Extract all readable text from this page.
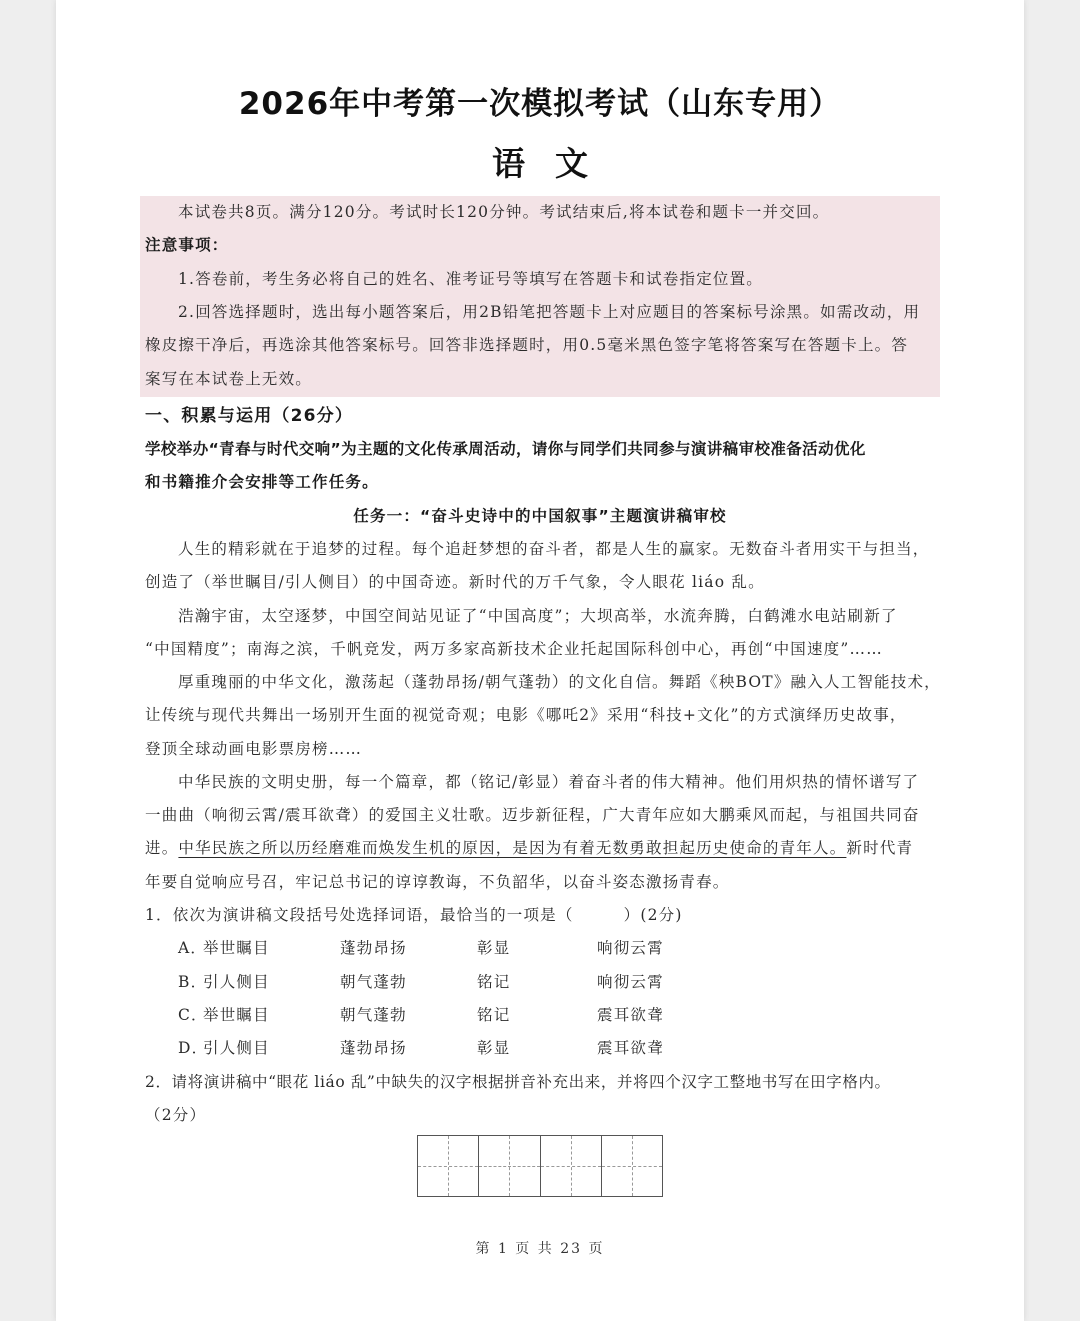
2026年中考第一次模拟考试（山东专用）
语文
本试卷共8页。满分120分。考试时长120分钟。考试结束后,将本试卷和题卡一并交回。
注意事项：
1.答卷前，考生务必将自己的姓名、准考证号等填写在答题卡和试卷指定位置。
2.回答选择题时，选出每小题答案后，用2B铅笔把答题卡上对应题目的答案标号涂黑。如需改动，用
橡皮擦干净后，再选涂其他答案标号。回答非选择题时，用0.5毫米黑色签字笔将答案写在答题卡上。答
案写在本试卷上无效。
一、积累与运用（26分）
学校举办“青春与时代交响”为主题的文化传承周活动，请你与同学们共同参与演讲稿审校准备活动优化
和书籍推介会安排等工作任务。
任务一：“奋斗史诗中的中国叙事”主题演讲稿审校
人生的精彩就在于追梦的过程。每个追赶梦想的奋斗者，都是人生的赢家。无数奋斗者用实干与担当，
创造了（举世瞩目/引人侧目）的中国奇迹。新时代的万千气象，令人眼花 liáo 乱。
浩瀚宇宙，太空逐梦，中国空间站见证了“中国高度”；大坝高举，水流奔腾，白鹤滩水电站刷新了
“中国精度”；南海之滨，千帆竞发，两万多家高新技术企业托起国际科创中心，再创“中国速度”……
厚重瑰丽的中华文化，激荡起（蓬勃昂扬/朝气蓬勃）的文化自信。舞蹈《秧BOT》融入人工智能技术，
让传统与现代共舞出一场别开生面的视觉奇观；电影《哪吒2》采用“科技+文化”的方式演绎历史故事，
登顶全球动画电影票房榜……
中华民族的文明史册，每一个篇章，都（铭记/彰显）着奋斗者的伟大精神。他们用炽热的情怀谱写了
一曲曲（响彻云霄/震耳欲聋）的爱国主义壮歌。迈步新征程，广大青年应如大鹏乘风而起，与祖国共同奋
进。中华民族之所以历经磨难而焕发生机的原因，是因为有着无数勇敢担起历史使命的青年人。新时代青
年要自觉响应号召，牢记总书记的谆谆教诲，不负韶华，以奋斗姿态激扬青春。
1．依次为演讲稿文段括号处选择词语，最恰当的一项是（　　　）(2分)
A．
举世瞩目	蓬勃昂扬	彰显	响彻云霄
B．
引人侧目	朝气蓬勃	铭记	响彻云霄
C．
举世瞩目	朝气蓬勃	铭记	震耳欲聋
D．
引人侧目	蓬勃昂扬	彰显	震耳欲聋
2．请将演讲稿中“眼花 liáo 乱”中缺失的汉字根据拼音补充出来，并将四个汉字工整地书写在田字格内。
（2分）
第 1 页 共 23 页
